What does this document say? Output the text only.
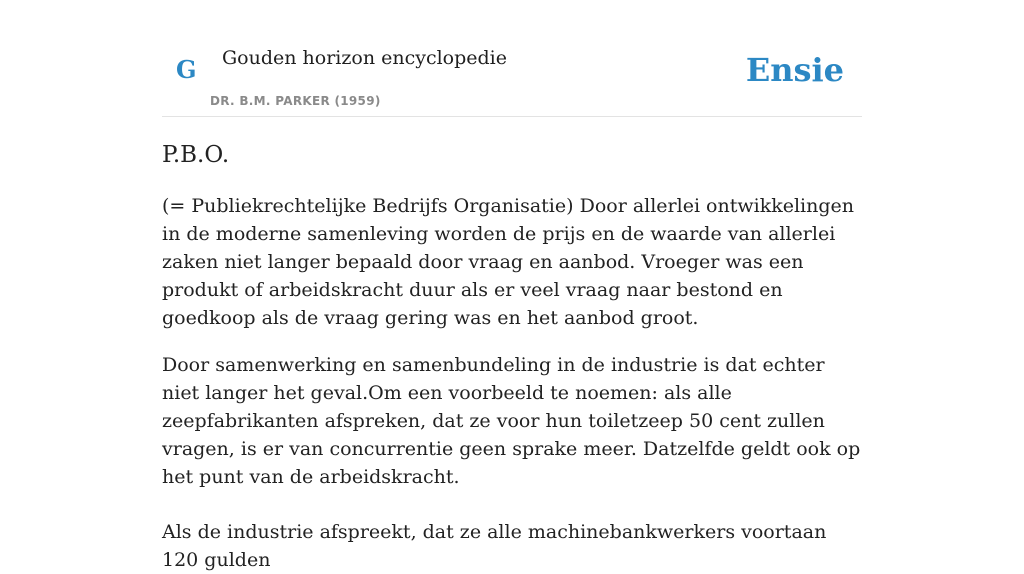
G Gouden horizon encyclopedie
DR. B.M. PARKER (1959)
Ensie
P.B.O.

(= Publiekrechtelijke Bedrijfs Organisatie) Door allerlei ontwikkelingen in de moderne samenleving worden de prijs en de waarde van allerlei zaken niet langer bepaald door vraag en aanbod. Vroeger was een produkt of arbeidskracht duur als er veel vraag naar bestond en goedkoop als de vraag gering was en het aanbod groot.

Door samenwerking en samenbundeling in de industrie is dat echter niet langer het geval.Om een voorbeeld te noemen: als alle zeepfabrikanten afspreken, dat ze voor hun toiletzeep 50 cent zullen vragen, is er van concurrentie geen sprake meer. Datzelfde geldt ook op het punt van de arbeidskracht.

Als de industrie afspreekt, dat ze alle machinebankwerkers voortaan 120 gulden
